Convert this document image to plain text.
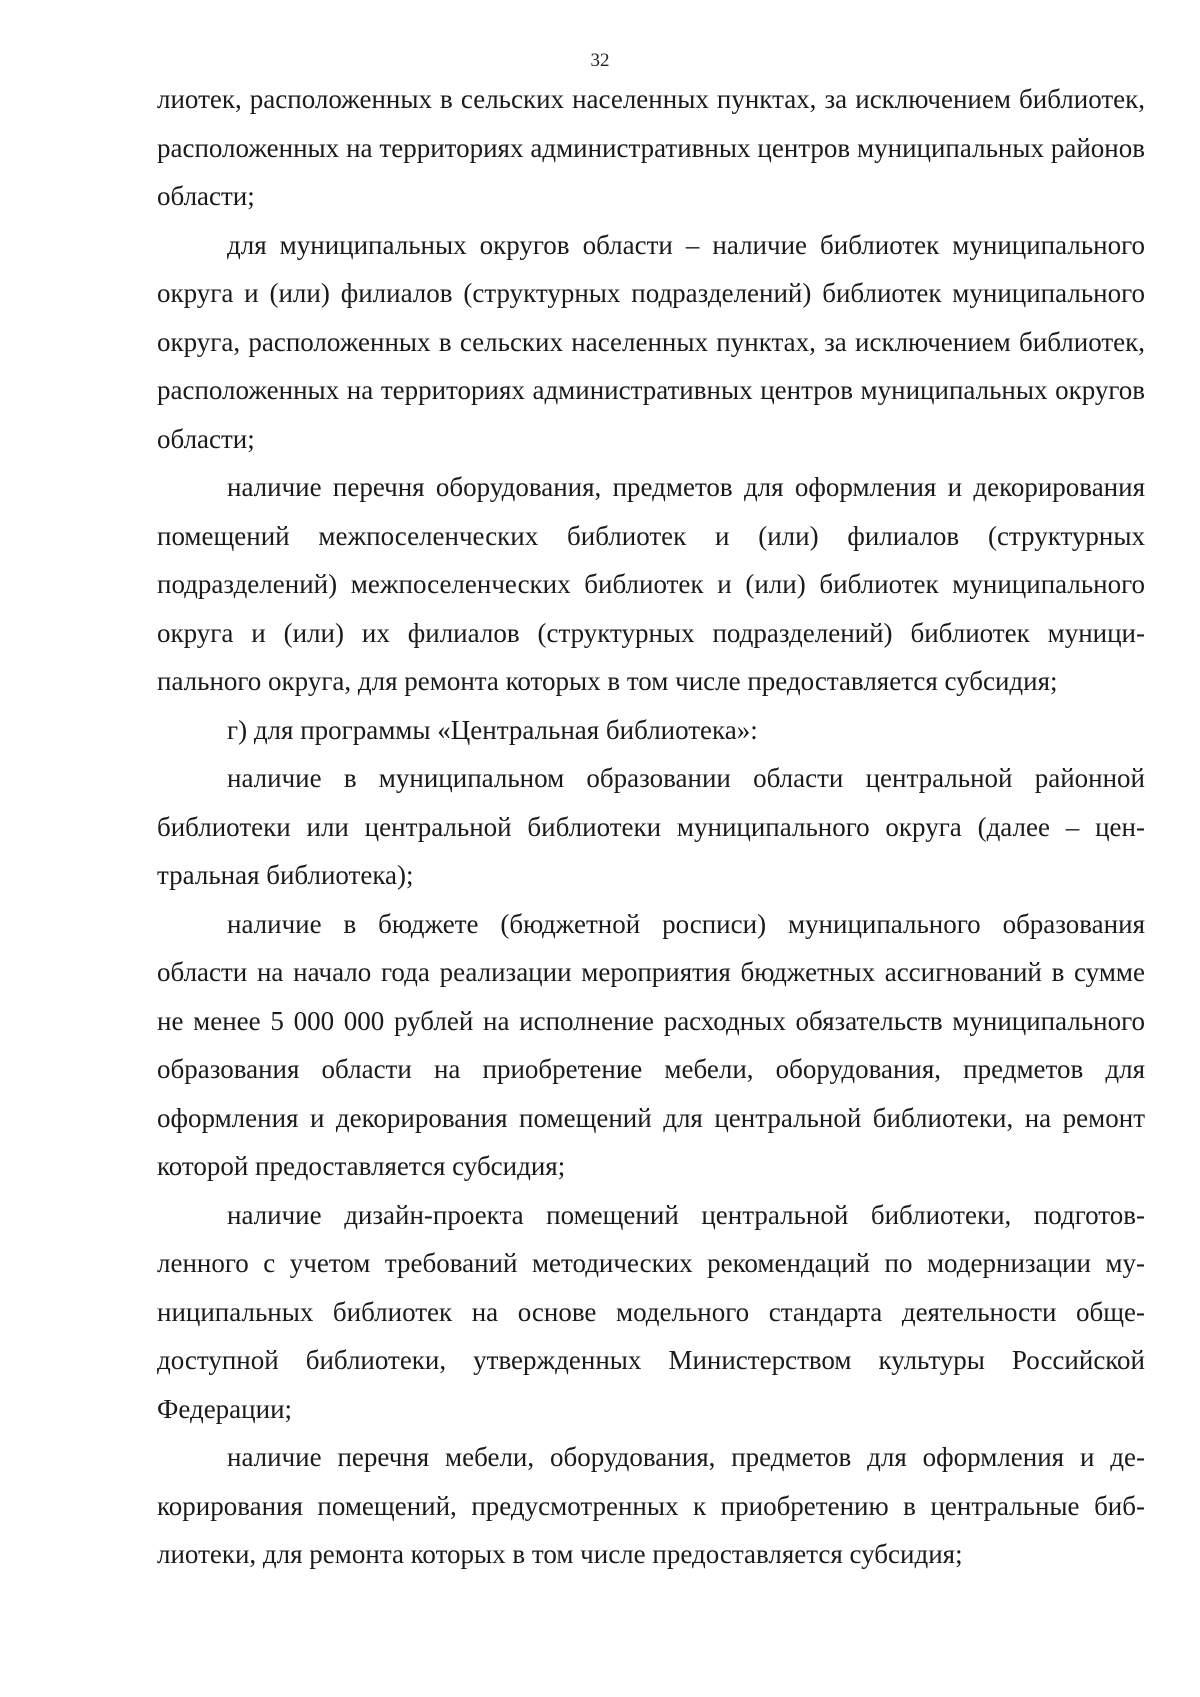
32

лиотек, расположенных в сельских населенных пунктах, за исключением библиотек, расположенных на территориях административных центров муниципальных районов области;

для муниципальных округов области – наличие библиотек муниципального округа и (или) филиалов (структурных подразделений) библиотек муниципального округа, расположенных в сельских населенных пунктах, за исключением библиотек, расположенных на территориях административных центров муниципальных округов области;

наличие перечня оборудования, предметов для оформления и декорирования помещений межпоселенческих библиотек и (или) филиалов (структурных подразделений) межпоселенческих библиотек и (или) библиотек муниципального округа и (или) их филиалов (структурных подразделений) библиотек муниципального округа, для ремонта которых в том числе предоставляется субсидия;

г) для программы «Центральная библиотека»:

наличие в муниципальном образовании области центральной районной библиотеки или центральной библиотеки муниципального округа (далее – центральная библиотека);

наличие в бюджете (бюджетной росписи) муниципального образования области на начало года реализации мероприятия бюджетных ассигнований в сумме не менее 5 000 000 рублей на исполнение расходных обязательств муниципального образования области на приобретение мебели, оборудования, предметов для оформления и декорирования помещений для центральной библиотеки, на ремонт которой предоставляется субсидия;

наличие дизайн-проекта помещений центральной библиотеки, подготовленного с учетом требований методических рекомендаций по модернизации муниципальных библиотек на основе модельного стандарта деятельности общедоступной библиотеки, утвержденных Министерством культуры Российской Федерации;

наличие перечня мебели, оборудования, предметов для оформления и декорирования помещений, предусмотренных к приобретению в центральные библиотеки, для ремонта которых в том числе предоставляется субсидия;
